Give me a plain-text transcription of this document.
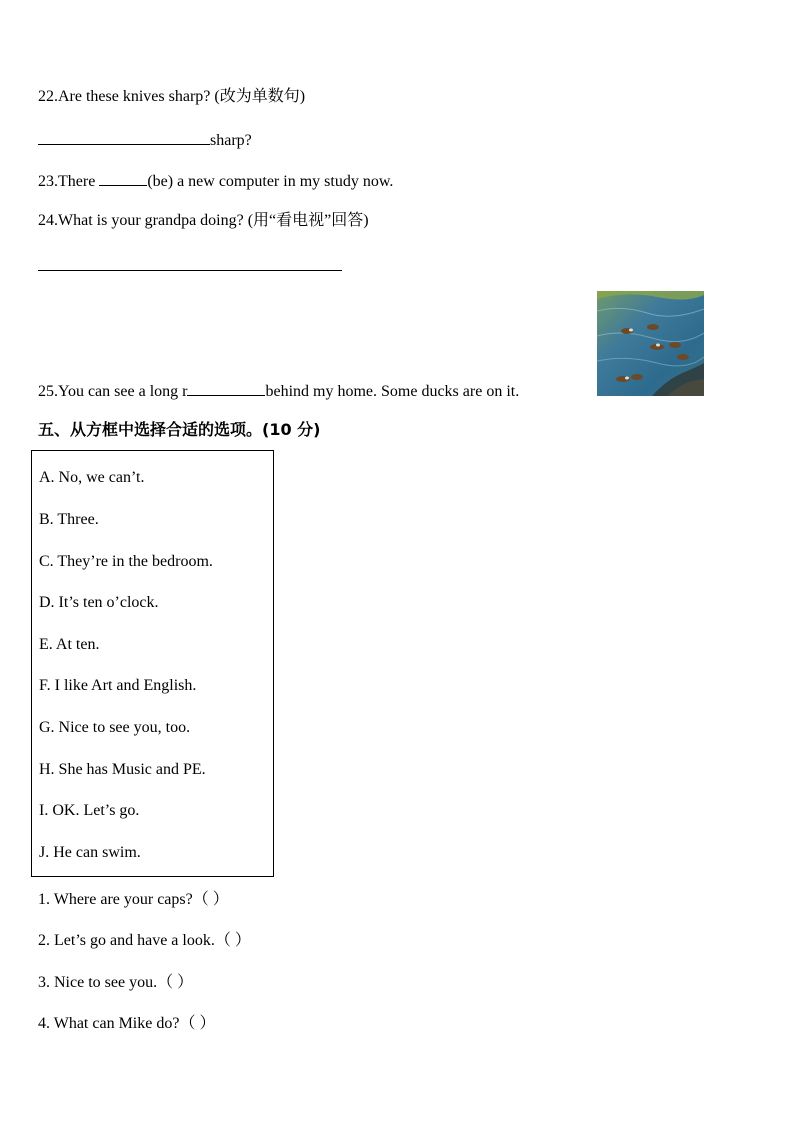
22.Are these knives sharp? (改为单数句)
sharp?
23.There	(be) a new computer in my study now.
24.What is your grandpa doing? (用“看电视”回答)
25.You can see a long r	behind my home. Some ducks are on it.
五、从方框中选择合适的选项。(10 分)
A. No, we can’t.
B. Three.
C. They’re in the bedroom.
D. It’s ten o’clock.
E. At ten.
F. I like Art and English.
G. Nice to see you, too.
H. She has Music and PE.
I. OK. Let’s go.
J. He can swim.
1. Where are your caps?（ ）
2. Let’s go and have a look.（ ）
3. Nice to see you.（ ）
4. What can Mike do?（ ）
